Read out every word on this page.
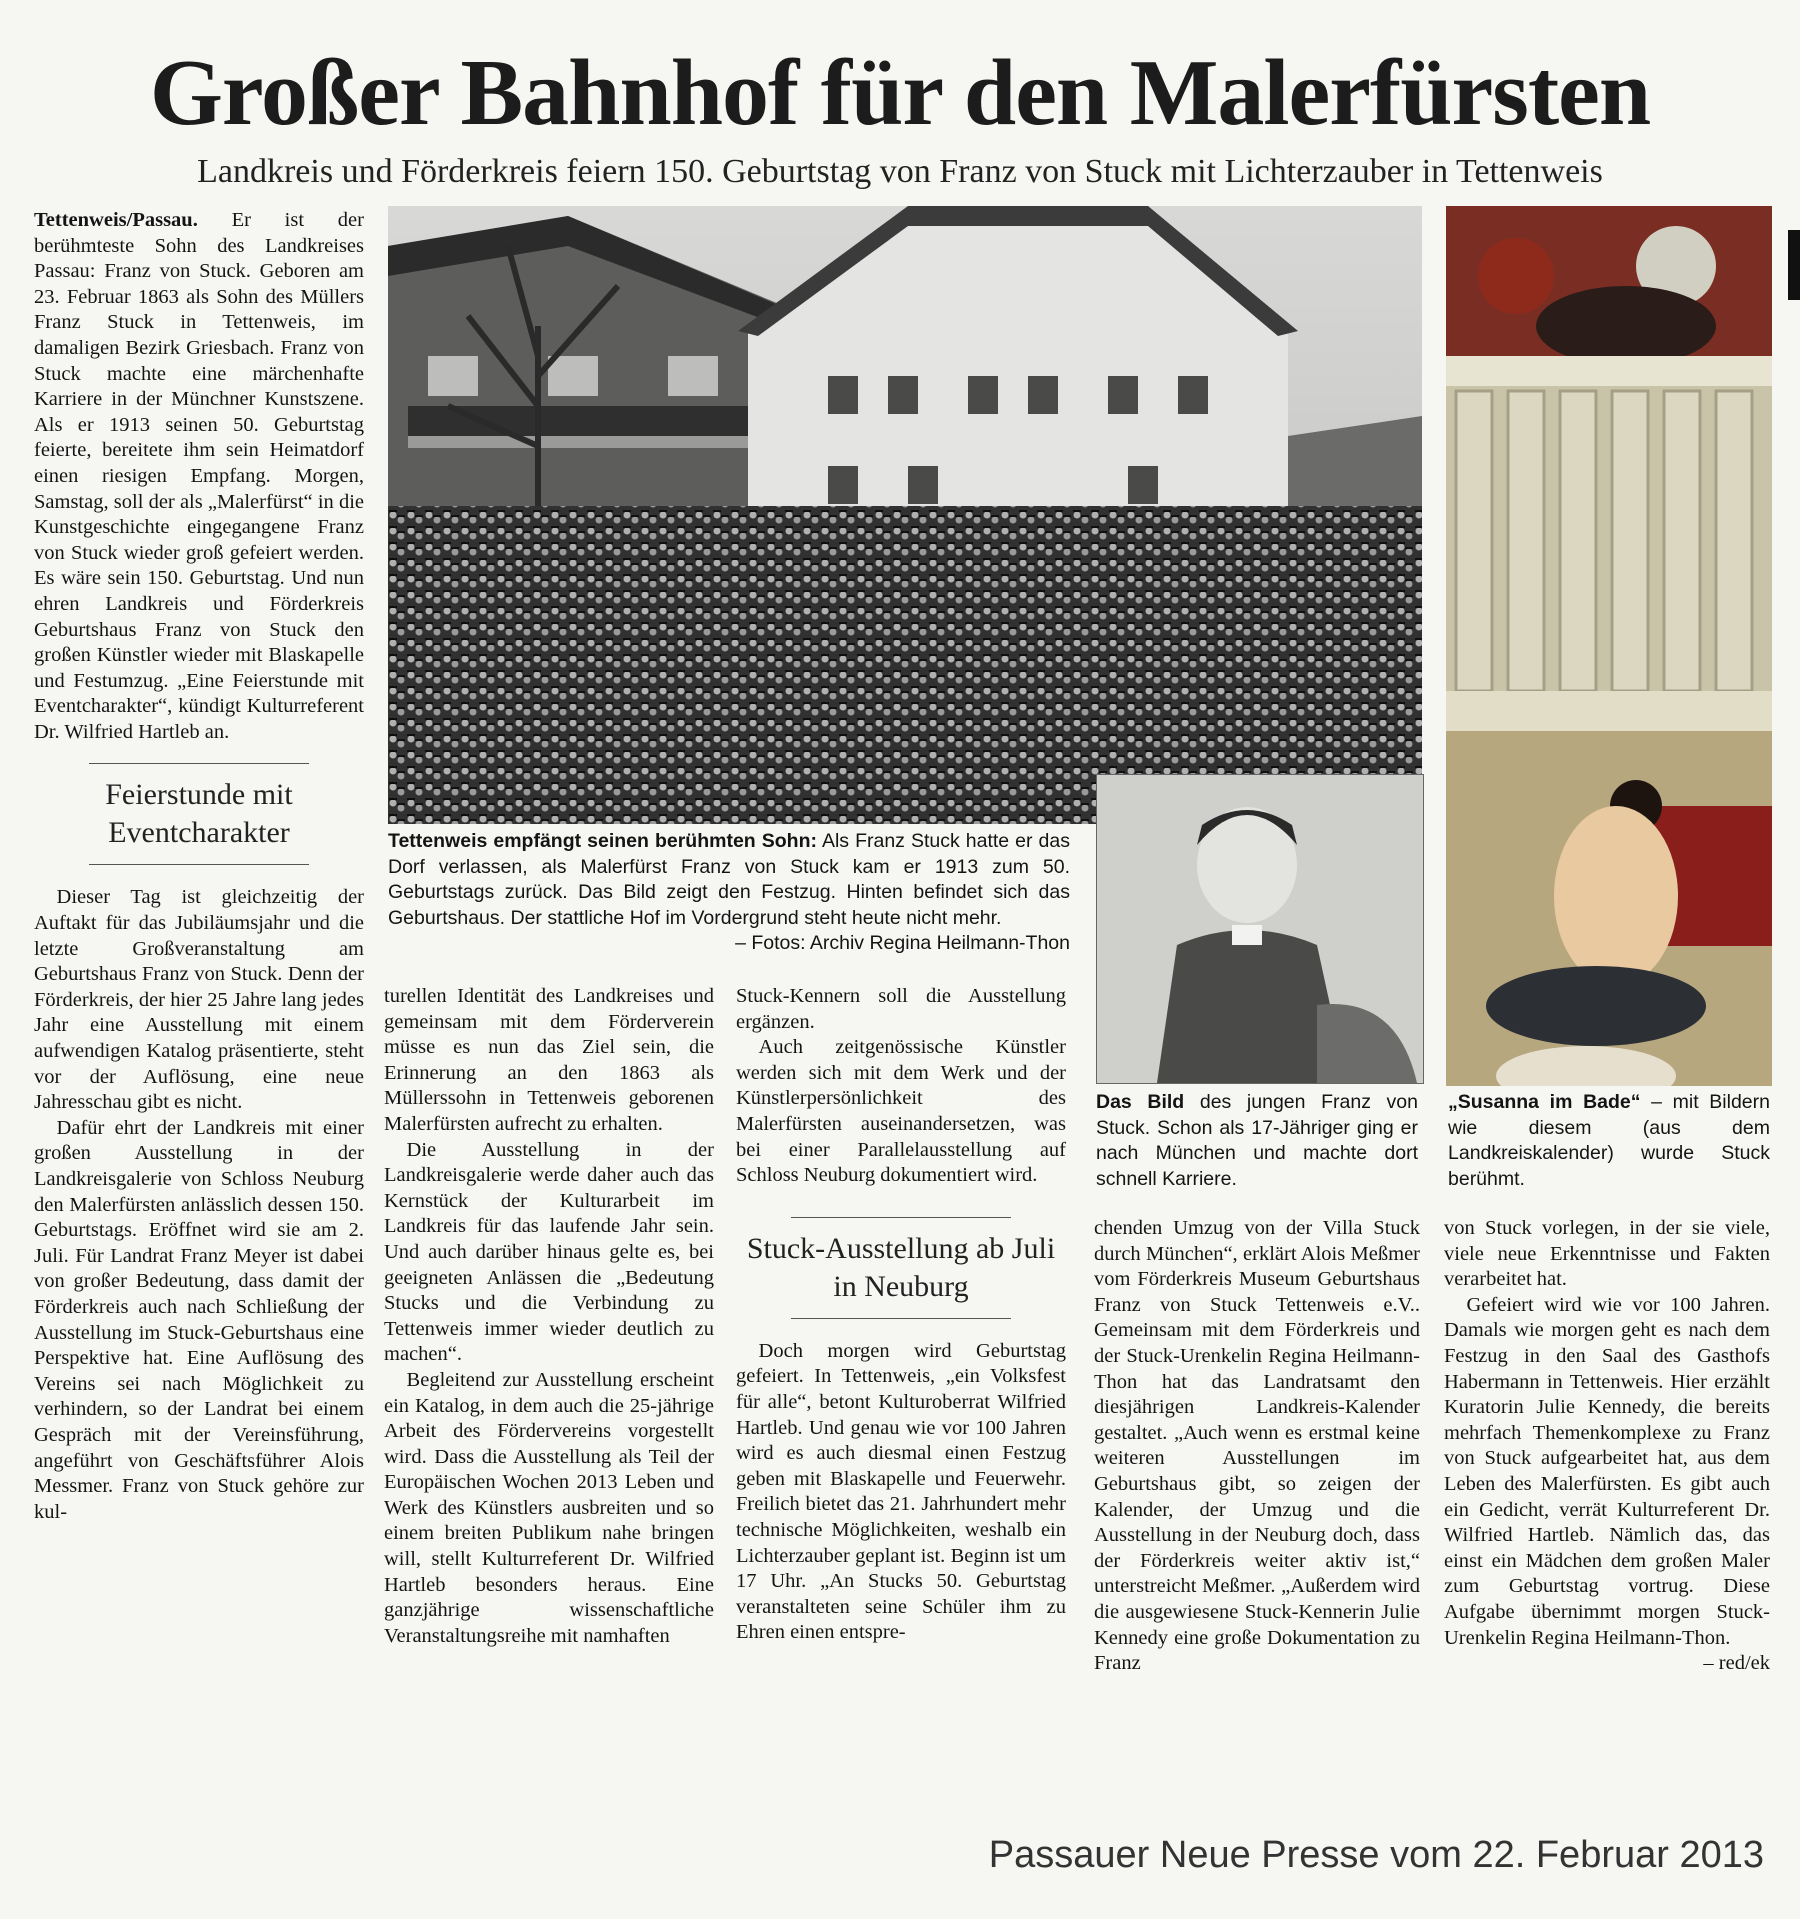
Großer Bahnhof für den Malerfürsten
Landkreis und Förderkreis feiern 150. Geburtstag von Franz von Stuck mit Lichterzauber in Tettenweis
Tettenweis empfängt seinen berühmten Sohn: Als Franz Stuck hatte er das Dorf verlassen, als Malerfürst Franz von Stuck kam er 1913 zum 50. Geburtstags zurück. Das Bild zeigt den Festzug. Hinten befindet sich das Geburtshaus. Der stattliche Hof im Vordergrund steht heute nicht mehr.
– Fotos: Archiv Regina Heilmann-Thon
Das Bild des jungen Franz von Stuck. Schon als 17-Jähriger ging er nach München und machte dort schnell Karriere.
„Susanna im Bade“ – mit Bildern wie diesem (aus dem Landkreiskalender) wurde Stuck berühmt.

Tettenweis/Passau. Er ist der berühmteste Sohn des Landkreises Passau: Franz von Stuck. Geboren am 23. Februar 1863 als Sohn des Müllers Franz Stuck in Tettenweis, im damaligen Bezirk Griesbach. Franz von Stuck machte eine märchenhafte Karriere in der Münchner Kunstszene. Als er 1913 seinen 50. Geburtstag feierte, bereitete ihm sein Heimatdorf einen riesigen Empfang. Morgen, Samstag, soll der als „Malerfürst“ in die Kunstgeschichte eingegangene Franz von Stuck wieder groß gefeiert werden. Es wäre sein 150. Geburtstag. Und nun ehren Landkreis und Förderkreis Geburtshaus Franz von Stuck den großen Künstler wieder mit Blaskapelle und Festumzug. „Eine Feierstunde mit Eventcharakter“, kündigt Kulturreferent Dr. Wilfried Hartleb an.

Feierstunde mit Eventcharakter

Dieser Tag ist gleichzeitig der Auftakt für das Jubiläumsjahr und die letzte Großveranstaltung am Geburtshaus Franz von Stuck. Denn der Förderkreis, der hier 25 Jahre lang jedes Jahr eine Ausstellung mit einem aufwendigen Katalog präsentierte, steht vor der Auflösung, eine neue Jahresschau gibt es nicht.

Dafür ehrt der Landkreis mit einer großen Ausstellung in der Landkreisgalerie von Schloss Neuburg den Malerfürsten anlässlich dessen 150. Geburtstags. Eröffnet wird sie am 2. Juli. Für Landrat Franz Meyer ist dabei von großer Bedeutung, dass damit der Förderkreis auch nach Schließung der Ausstellung im Stuck-Geburtshaus eine Perspektive hat. Eine Auflösung des Vereins sei nach Möglichkeit zu verhindern, so der Landrat bei einem Gespräch mit der Vereinsführung, angeführt von Geschäftsführer Alois Messmer. Franz von Stuck gehöre zur kul-

turellen Identität des Landkreises und gemeinsam mit dem Förderverein müsse es nun das Ziel sein, die Erinnerung an den 1863 als Müllerssohn in Tettenweis geborenen Malerfürsten aufrecht zu erhalten.

Die Ausstellung in der Landkreisgalerie werde daher auch das Kernstück der Kulturarbeit im Landkreis für das laufende Jahr sein. Und auch darüber hinaus gelte es, bei geeigneten Anlässen die „Bedeutung Stucks und die Verbindung zu Tettenweis immer wieder deutlich zu machen“.

Begleitend zur Ausstellung erscheint ein Katalog, in dem auch die 25-jährige Arbeit des Fördervereins vorgestellt wird. Dass die Ausstellung als Teil der Europäischen Wochen 2013 Leben und Werk des Künstlers ausbreiten und so einem breiten Publikum nahe bringen will, stellt Kulturreferent Dr. Wilfried Hartleb besonders heraus. Eine ganzjährige wissenschaftliche Veranstaltungsreihe mit namhaften

Stuck-Kennern soll die Ausstellung ergänzen.

Auch zeitgenössische Künstler werden sich mit dem Werk und der Künstlerpersönlichkeit des Malerfürsten auseinandersetzen, was bei einer Parallelausstellung auf Schloss Neuburg dokumentiert wird.

Stuck-Ausstellung ab Juli in Neuburg

Doch morgen wird Geburtstag gefeiert. In Tettenweis, „ein Volksfest für alle“, betont Kulturoberrat Wilfried Hartleb. Und genau wie vor 100 Jahren wird es auch diesmal einen Festzug geben mit Blaskapelle und Feuerwehr. Freilich bietet das 21. Jahrhundert mehr technische Möglichkeiten, weshalb ein Lichterzauber geplant ist. Beginn ist um 17 Uhr. „An Stucks 50. Geburtstag veranstalteten seine Schüler ihm zu Ehren einen entspre-

chenden Umzug von der Villa Stuck durch München“, erklärt Alois Meßmer vom Förderkreis Museum Geburtshaus Franz von Stuck Tettenweis e.V.. Gemeinsam mit dem Förderkreis und der Stuck-Urenkelin Regina Heilmann-Thon hat das Landratsamt den diesjährigen Landkreis-Kalender gestaltet. „Auch wenn es erstmal keine weiteren Ausstellungen im Geburtshaus gibt, so zeigen der Kalender, der Umzug und die Ausstellung in der Neuburg doch, dass der Förderkreis weiter aktiv ist,“ unterstreicht Meßmer. „Außerdem wird die ausgewiesene Stuck-Kennerin Julie Kennedy eine große Dokumentation zu Franz

von Stuck vorlegen, in der sie viele, viele neue Erkenntnisse und Fakten verarbeitet hat.

Gefeiert wird wie vor 100 Jahren. Damals wie morgen geht es nach dem Festzug in den Saal des Gasthofs Habermann in Tettenweis. Hier erzählt Kuratorin Julie Kennedy, die bereits mehrfach Themenkomplexe zu Franz von Stuck aufgearbeitet hat, aus dem Leben des Malerfürsten. Es gibt auch ein Gedicht, verrät Kulturreferent Dr. Wilfried Hartleb. Nämlich das, das einst ein Mädchen dem großen Maler zum Geburtstag vortrug. Diese Aufgabe übernimmt morgen Stuck-Urenkelin Regina Heilmann-Thon.

– red/ek

Passauer Neue Presse vom 22. Februar 2013
